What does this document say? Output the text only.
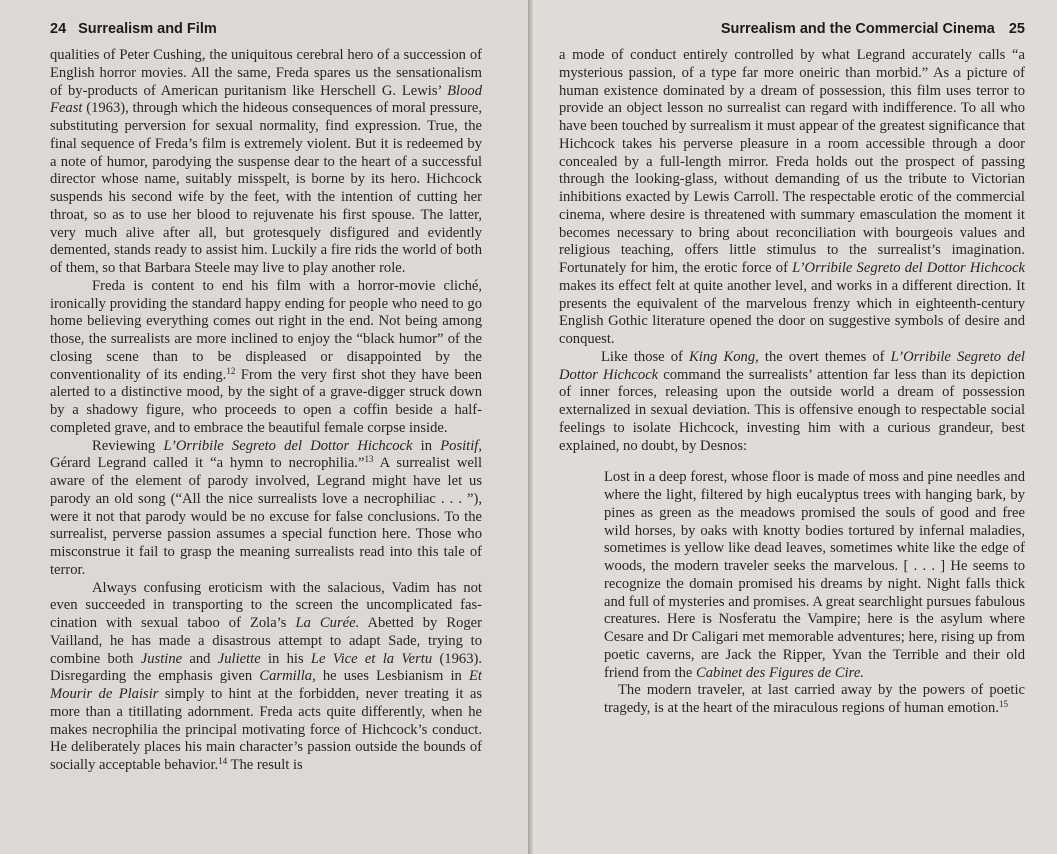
24 Surrealism and Film

qualities of Peter Cushing, the uniquitous cerebral hero of a succession of English horror movies. All the same, Freda spares us the sensationalism of by-products of American puritanism like Herschell G. Lewis’ Blood Feast (1963), through which the hideous consequences of moral pressure, substituting perversion for sexual normality, find expression. True, the final sequence of Freda’s film is extremely violent. But it is redeemed by a note of humor, parodying the suspense dear to the heart of a successful director whose name, suitably misspelt, is borne by its hero. Hichcock suspends his second wife by the feet, with the intention of cutting her throat, so as to use her blood to rejuvenate his first spouse. The latter, very much alive after all, but grotesquely disfigured and evidently demented, stands ready to assist him. Luckily a fire rids the world of both of them, so that Barbara Steele may live to play another role.

Freda is content to end his film with a horror-movie cliché, ironically providing the standard happy ending for people who need to go home believing everything comes out right in the end. Not being among those, the surrealists are more inclined to enjoy the “black humor” of the closing scene than to be displeased or disappointed by the conventionality of its ending.$^{12}$ From the very first shot they have been alerted to a distinctive mood, by the sight of a grave-digger struck down by a shadowy figure, who proceeds to open a coffin beside a half-completed grave, and to embrace the beautiful female corpse inside.

Reviewing L’Orribile Segreto del Dottor Hichcock in Positif, Gérard Legrand called it “a hymn to necrophilia.”$^{13}$ A surrealist well aware of the element of parody involved, Legrand might have let us parody an old song (“All the nice surrealists love a necrophiliac . . . ”), were it not that parody would be no excuse for false conclusions. To the surrealist, perverse passion assumes a special function here. Those who misconstrue it fail to grasp the meaning surrealists read into this tale of terror.

Always confusing eroticism with the salacious, Vadim has not even succeeded in transporting to the screen the uncomplicated fascination with sexual taboo of Zola’s La Curée. Abetted by Roger Vailland, he has made a disastrous attempt to adapt Sade, trying to combine both Justine and Juliette in his Le Vice et la Vertu (1963). Disregarding the emphasis given Carmilla, he uses Lesbianism in Et Mourir de Plaisir simply to hint at the forbidden, never treating it as more than a titillating adornment. Freda acts quite differently, when he makes necrophilia the principal motivating force of Hichcock’s conduct. He deliberately places his main character’s passion outside the bounds of socially acceptable behavior.$^{14}$ The result is

Surrealism and the Commercial Cinema 25

a mode of conduct entirely controlled by what Legrand accurately calls “a mysterious passion, of a type far more oneiric than morbid.” As a picture of human existence dominated by a dream of possession, this film uses terror to provide an object lesson no surrealist can regard with indifference. To all who have been touched by surrealism it must appear of the greatest significance that Hichcock takes his perverse pleasure in a room accessible through a door concealed by a full-length mirror. Freda holds out the prospect of passing through the looking-glass, without demanding of us the tribute to Victorian inhibitions exacted by Lewis Carroll. The respectable erotic of the commercial cinema, where desire is threatened with summary emasculation the moment it becomes necessary to bring about reconciliation with bourgeois values and religious teaching, offers little stimulus to the surrealist’s imagination. Fortunately for him, the erotic force of L’Orribile Segreto del Dottor Hichcock makes its effect felt at quite another level, and works in a different direction. It presents the equivalent of the marvelous frenzy which in eighteenth-century English Gothic literature opened the door on suggestive symbols of desire and conquest.

Like those of King Kong, the overt themes of L’Orribile Segreto del Dottor Hichcock command the surrealists’ attention far less than its depiction of inner forces, releasing upon the outside world a dream of possession externalized in sexual deviation. This is offensive enough to respectable social feelings to isolate Hichcock, investing him with a curious grandeur, best explained, no doubt, by Desnos:

Lost in a deep forest, whose floor is made of moss and pine needles and where the light, filtered by high eucalyptus trees with hanging bark, by pines as green as the meadows promised the souls of good and free wild horses, by oaks with knotty bodies tortured by infernal maladies, sometimes is yellow like dead leaves, sometimes white like the edge of woods, the modern traveler seeks the marvelous. [ . . . ] He seems to recognize the domain promised his dreams by night. Night falls thick and full of mysteries and promises. A great searchlight pursues fabulous creatures. Here is Nosferatu the Vampire; here is the asylum where Cesare and Dr Caligari met memorable adventures; here, rising up from poetic caverns, are Jack the Ripper, Yvan the Terrible and their old friend from the Cabinet des Figures de Cire.

The modern traveler, at last carried away by the powers of poetic tragedy, is at the heart of the miraculous regions of human emotion.$^{15}$
